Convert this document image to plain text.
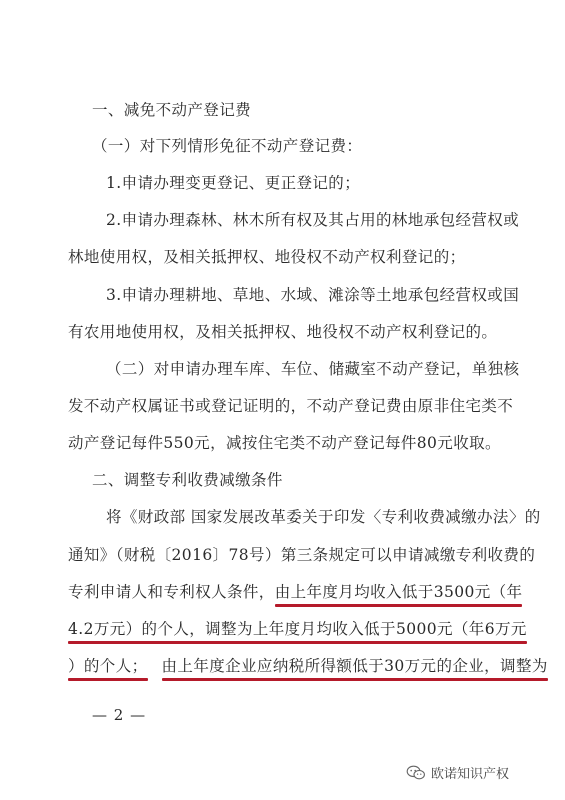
一、减免不动产登记费
（一）对下列情形免征不动产登记费：
1.申请办理变更登记、更正登记的；
2.申请办理森林、林木所有权及其占用的林地承包经营权或
林地使用权，及相关抵押权、地役权不动产权利登记的；
3.申请办理耕地、草地、水域、滩涂等土地承包经营权或国
有农用地使用权，及相关抵押权、地役权不动产权利登记的。
（二）对申请办理车库、车位、储藏室不动产登记，单独核
发不动产权属证书或登记证明的，不动产登记费由原非住宅类不
动产登记每件550元，减按住宅类不动产登记每件80元收取。
二、调整专利收费减缴条件
将《财政部 国家发展改革委关于印发〈专利收费减缴办法〉的
通知》（财税〔2016〕78号）第三条规定可以申请减缴专利收费的
专利申请人和专利权人条件，由上年度月均收入低于3500元（年
4.2万元）的个人，调整为上年度月均收入低于5000元（年6万元
）的个人； 由上年度企业应纳税所得额低于30万元的企业，调整为
— 2 —
欧诺知识产权
